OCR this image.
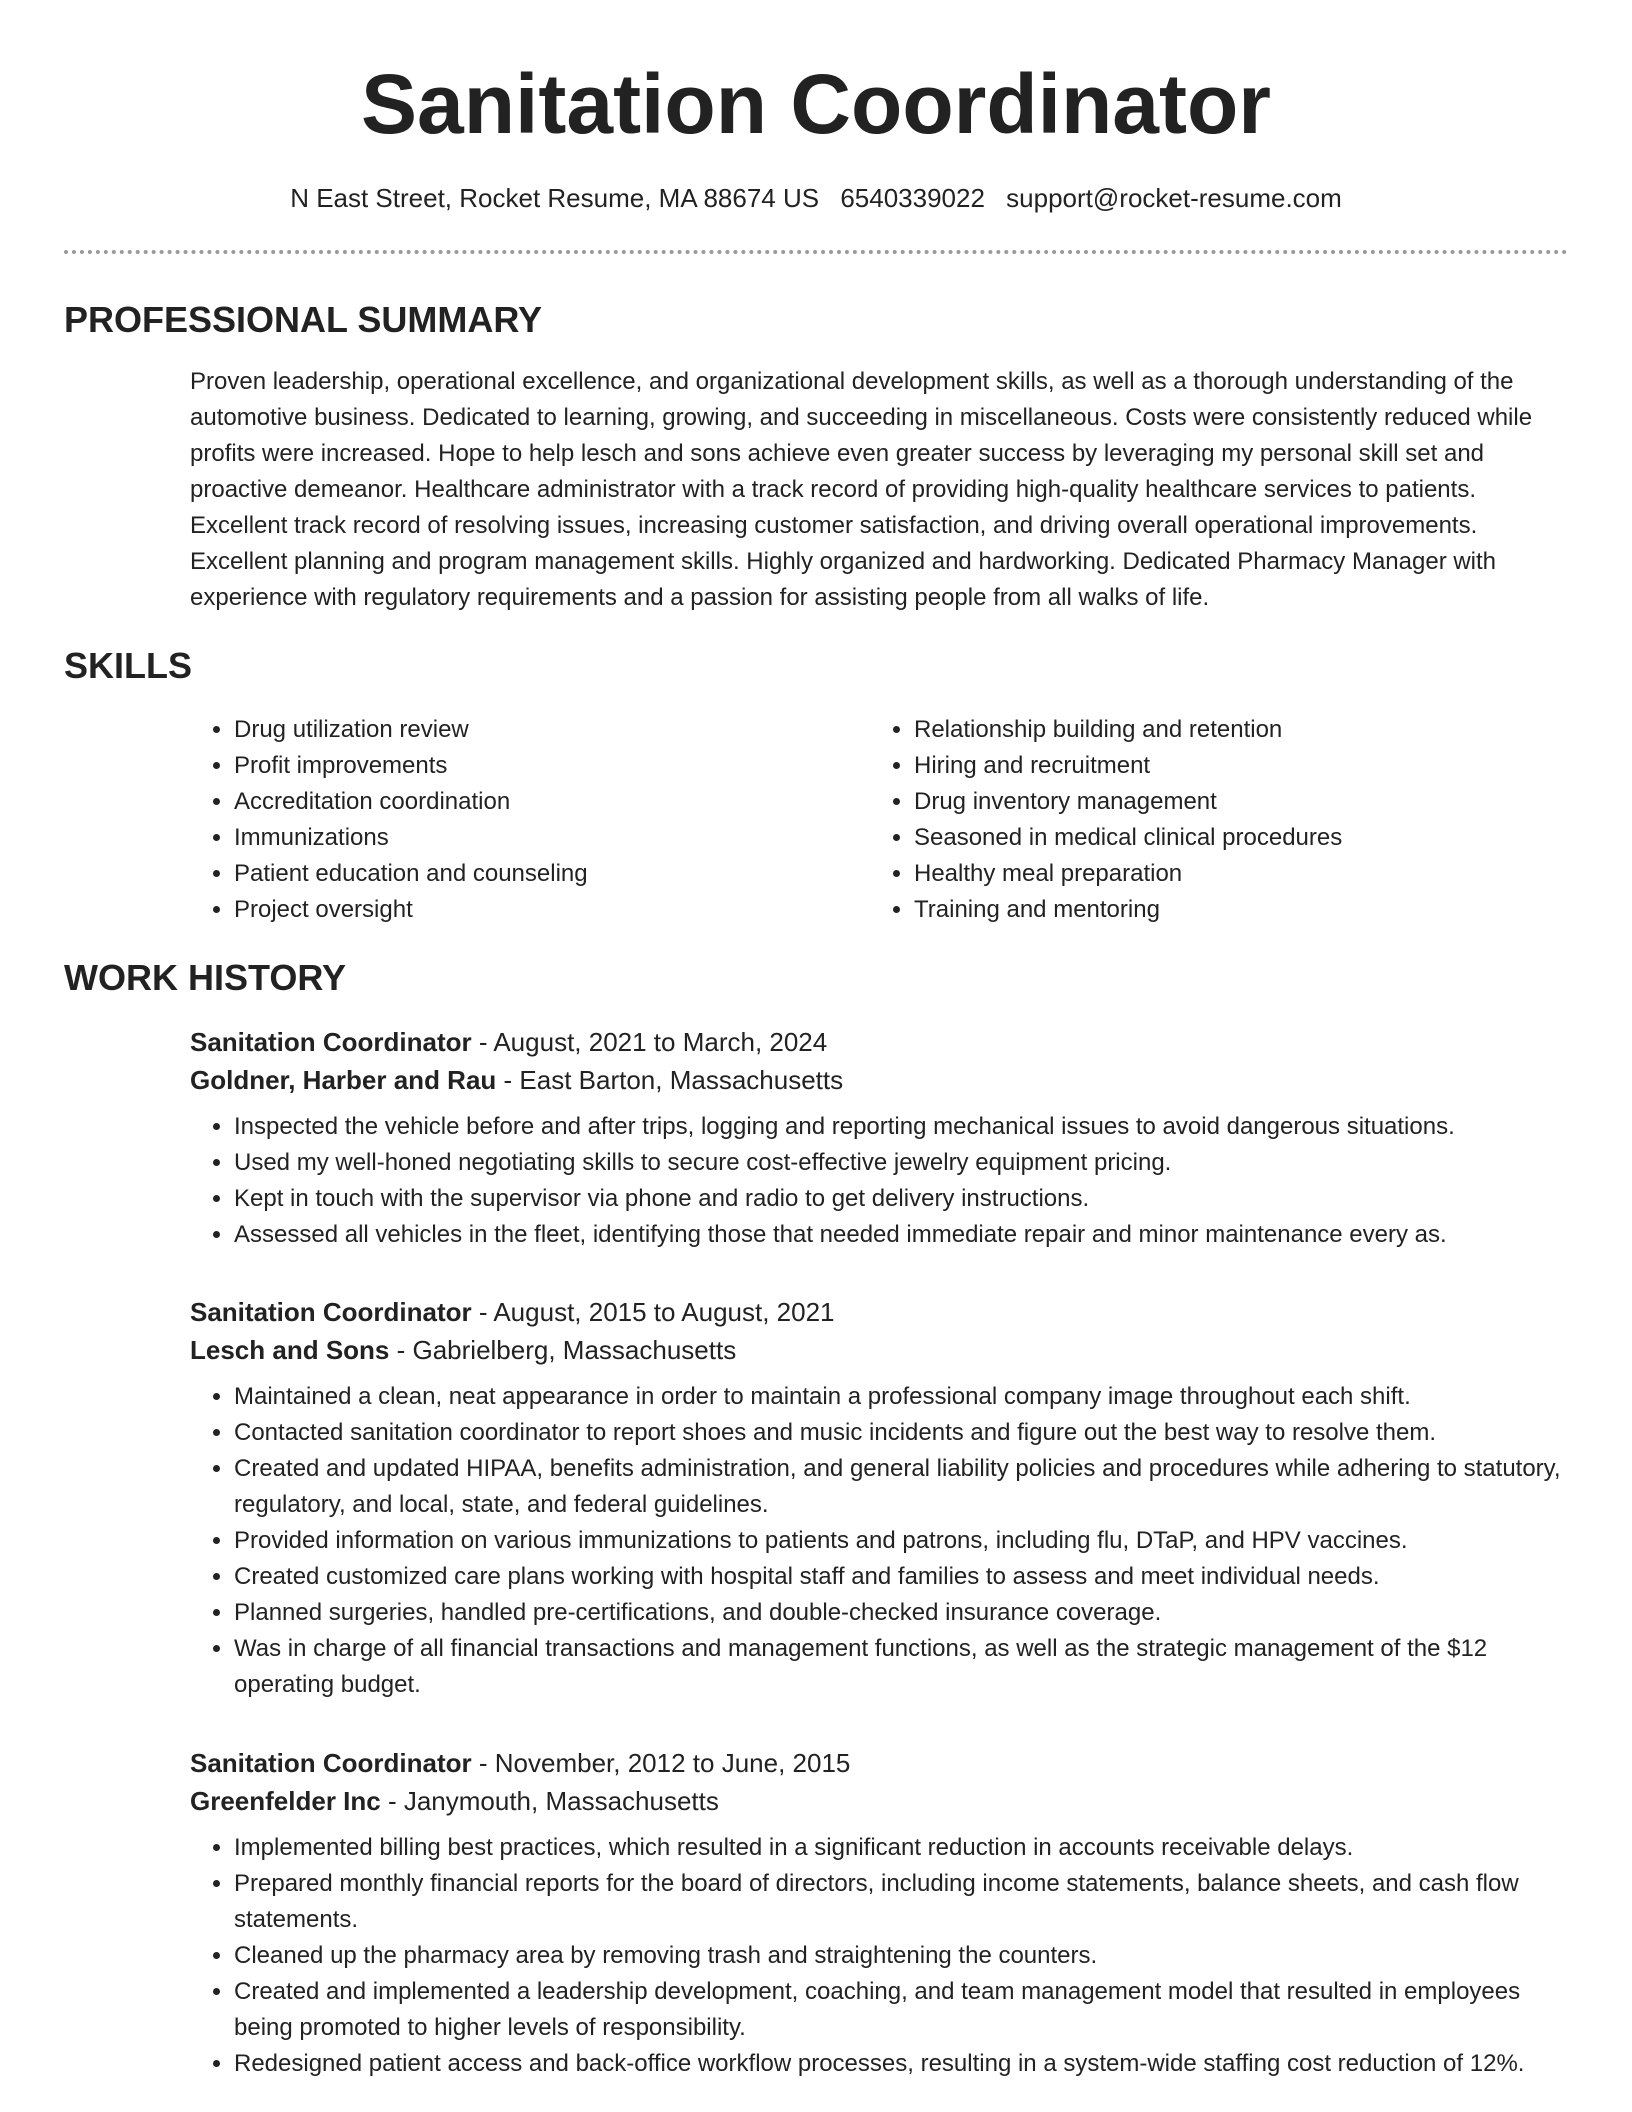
Sanitation Coordinator
N East Street, Rocket Resume, MA 88674 US 6540339022 support@rocket-resume.com
PROFESSIONAL SUMMARY

Proven leadership, operational excellence, and organizational development skills, as well as a thorough understanding of the automotive business. Dedicated to learning, growing, and succeeding in miscellaneous. Costs were consistently reduced while profits were increased. Hope to help lesch and sons achieve even greater success by leveraging my personal skill set and proactive demeanor. Healthcare administrator with a track record of providing high-quality healthcare services to patients. Excellent track record of resolving issues, increasing customer satisfaction, and driving overall operational improvements. Excellent planning and program management skills. Highly organized and hardworking. Dedicated Pharmacy Manager with experience with regulatory requirements and a passion for assisting people from all walks of life.

SKILLS
• Drug utilization review
• Profit improvements
• Accreditation coordination
• Immunizations
• Patient education and counseling
• Project oversight
• Relationship building and retention
• Hiring and recruitment
• Drug inventory management
• Seasoned in medical clinical procedures
• Healthy meal preparation
• Training and mentoring
WORK HISTORY

Sanitation Coordinator - August, 2021 to March, 2024

Goldner, Harber and Rau - East Barton, Massachusetts

• Inspected the vehicle before and after trips, logging and reporting mechanical issues to avoid dangerous situations.
• Used my well-honed negotiating skills to secure cost-effective jewelry equipment pricing.
• Kept in touch with the supervisor via phone and radio to get delivery instructions.
• Assessed all vehicles in the fleet, identifying those that needed immediate repair and minor maintenance every as.

Sanitation Coordinator - August, 2015 to August, 2021

Lesch and Sons - Gabrielberg, Massachusetts

• Maintained a clean, neat appearance in order to maintain a professional company image throughout each shift.
• Contacted sanitation coordinator to report shoes and music incidents and figure out the best way to resolve them.
• Created and updated HIPAA, benefits administration, and general liability policies and procedures while adhering to statutory, regulatory, and local, state, and federal guidelines.
• Provided information on various immunizations to patients and patrons, including flu, DTaP, and HPV vaccines.
• Created customized care plans working with hospital staff and families to assess and meet individual needs.
• Planned surgeries, handled pre-certifications, and double-checked insurance coverage.
• Was in charge of all financial transactions and management functions, as well as the strategic management of the $12 operating budget.

Sanitation Coordinator - November, 2012 to June, 2015

Greenfelder Inc - Janymouth, Massachusetts

• Implemented billing best practices, which resulted in a significant reduction in accounts receivable delays.
• Prepared monthly financial reports for the board of directors, including income statements, balance sheets, and cash flow statements.
• Cleaned up the pharmacy area by removing trash and straightening the counters.
• Created and implemented a leadership development, coaching, and team management model that resulted in employees being promoted to higher levels of responsibility.
• Redesigned patient access and back-office workflow processes, resulting in a system-wide staffing cost reduction of 12%.
